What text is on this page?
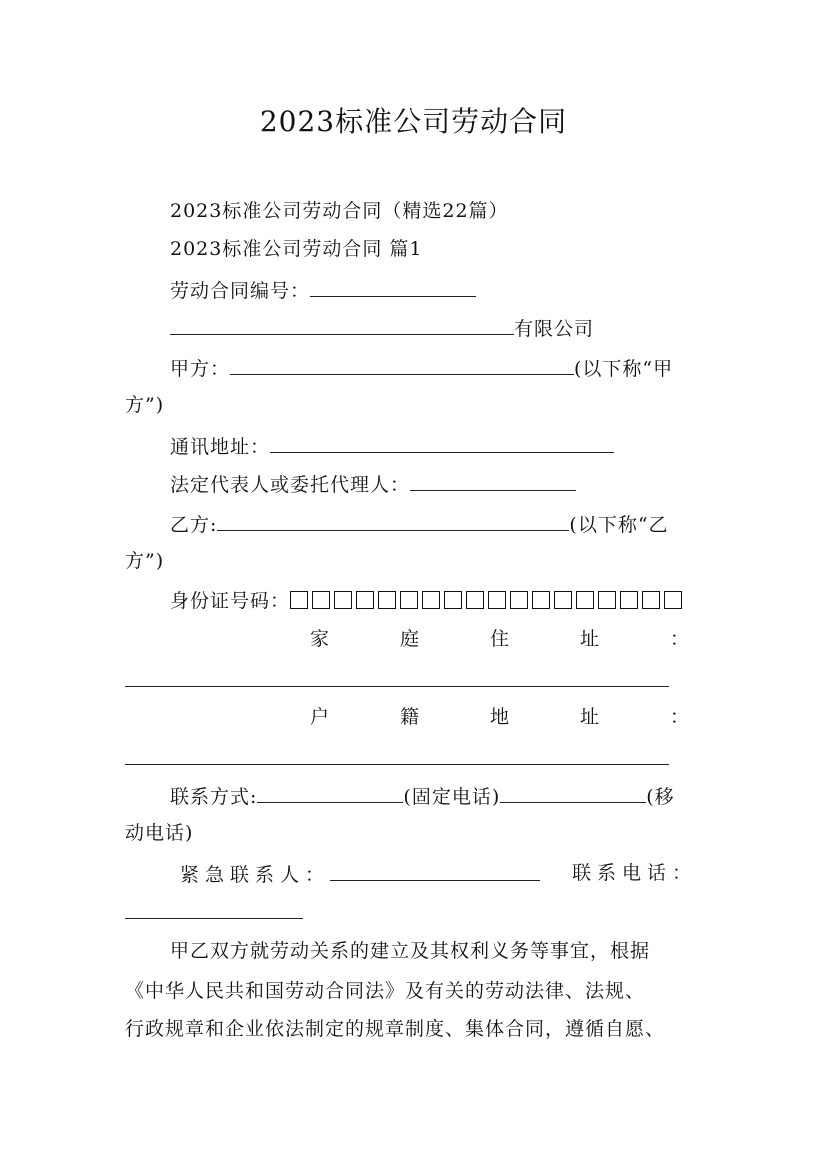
2023标准公司劳动合同
2023标准公司劳动合同（精选22篇）
2023标准公司劳动合同 篇1
劳动合同编号：
有限公司
甲方：	(以下称“甲
方”)
通讯地址：
法定代表人或委托代理人：
乙方:	(以下称“乙
方”)
身份证号码：
家	庭	住	址	：
户	籍	地	址	：
联系方式:	(固定电话)	(移
动电话)
紧急联系人：	联系电话：
甲乙双方就劳动关系的建立及其权利义务等事宜，根据
《中华人民共和国劳动合同法》及有关的劳动法律、法规、
行政规章和企业依法制定的规章制度、集体合同，遵循自愿、
